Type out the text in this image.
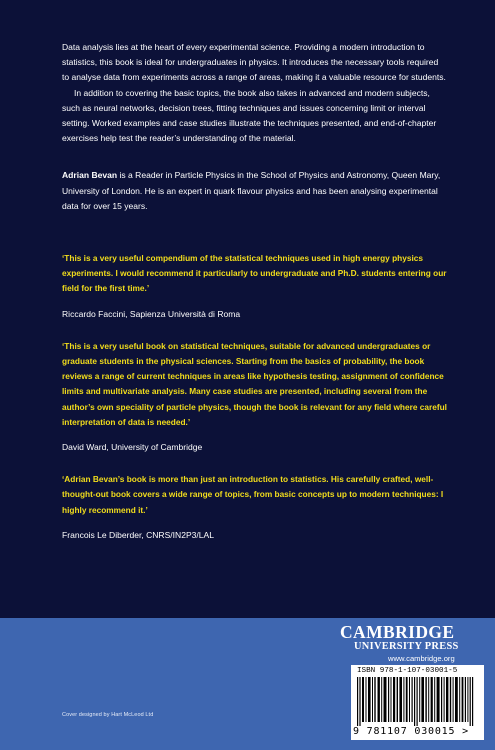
Data analysis lies at the heart of every experimental science. Providing a modern introduction to statistics, this book is ideal for undergraduates in physics. It introduces the necessary tools required to analyse data from experiments across a range of areas, making it a valuable resource for students.

In addition to covering the basic topics, the book also takes in advanced and modern subjects, such as neural networks, decision trees, fitting techniques and issues concerning limit or interval setting. Worked examples and case studies illustrate the techniques presented, and end-of-chapter exercises help test the reader’s understanding of the material.

Adrian Bevan is a Reader in Particle Physics in the School of Physics and Astronomy, Queen Mary, University of London. He is an expert in quark flavour physics and has been analysing experimental data for over 15 years.

‘This is a very useful compendium of the statistical techniques used in high energy physics experiments. I would recommend it particularly to undergraduate and Ph.D. students entering our field for the first time.’

Riccardo Faccini, Sapienza Università di Roma

‘This is a very useful book on statistical techniques, suitable for advanced undergraduates or graduate students in the physical sciences. Starting from the basics of probability, the book reviews a range of current techniques in areas like hypothesis testing, assignment of confidence limits and multivariate analysis. Many case studies are presented, including several from the author’s own speciality of particle physics, though the book is relevant for any field where careful interpretation of data is needed.’

David Ward, University of Cambridge

‘Adrian Bevan’s book is more than just an introduction to statistics. His carefully crafted, well-thought-out book covers a wide range of topics, from basic concepts up to modern techniques: I highly recommend it.’

Francois Le Diberder, CNRS/IN2P3/LAL

Cover designed by Hart McLeod Ltd
CAMBRIDGE
UNIVERSITY PRESS
www.cambridge.org
ISBN 978-1-107-03001-5
9 781107 030015 >
